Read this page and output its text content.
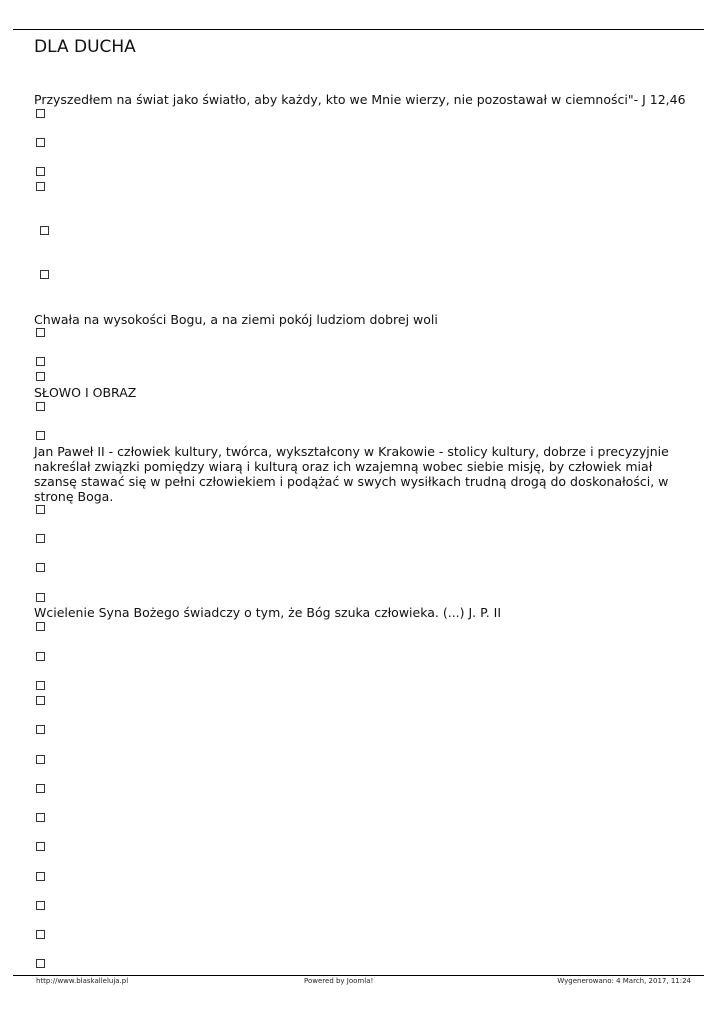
DLA DUCHA
Przyszedłem na świat jako światło, aby każdy, kto we Mnie wierzy, nie pozostawał w ciemności"- J 12,46
Chwała na wysokości Bogu, a na ziemi pokój ludziom dobrej woli
SŁOWO I OBRAZ
Jan Paweł II - człowiek kultury, twórca, wykształcony w Krakowie - stolicy kultury, dobrze i precyzyjnie nakreślał związki pomiędzy wiarą i kulturą oraz ich wzajemną wobec siebie misję, by człowiek miał szansę stawać się w pełni człowiekiem i podążać w swych wysiłkach trudną drogą do doskonałości, w stronę Boga.
Wcielenie Syna Bożego świadczy o tym, że Bóg szuka człowieka. (...) J. P. II
http://www.blaskalleluja.pl	Powered by Joomla!	Wygenerowano: 4 March, 2017, 11:24
